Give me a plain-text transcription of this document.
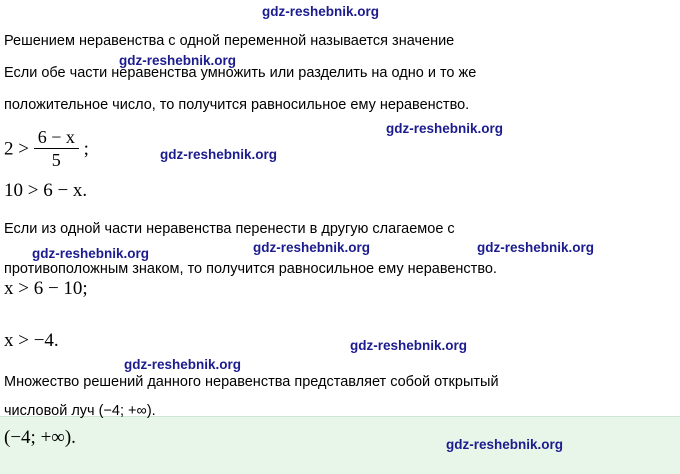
(−4; +∞).
Решением неравенства с одной переменной называется значение
Если обе части неравенства умножить или разделить на одно и то же
положительное число, то получится равносильное ему неравенство.
Если из одной части неравенства перенести в другую слагаемое с
противоположным знаком, то получится равносильное ему неравенство.
Множество решений данного неравенства представляет собой открытый
числовой луч (−4; +∞).
$2 > \frac{6 - x}{5}$ ;
10 > 6 − x.
x > 6 − 10;
x > −4.
gdz-reshebnik.org
gdz-reshebnik.org
gdz-reshebnik.org
gdz-reshebnik.org
gdz-reshebnik.org	gdz-reshebnik.org	gdz-reshebnik.org
gdz-reshebnik.org
gdz-reshebnik.org
gdz-reshebnik.org
